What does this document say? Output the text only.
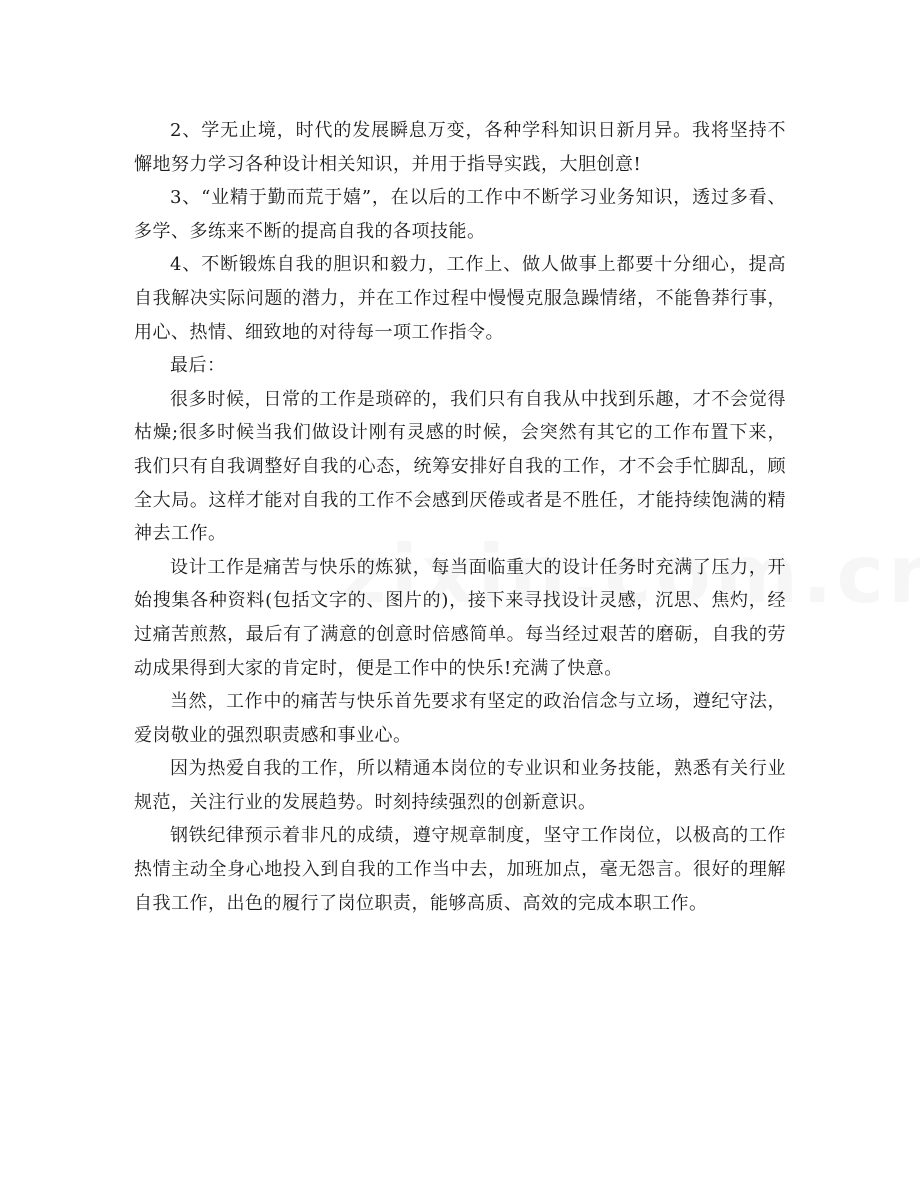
2、学无止境，时代的发展瞬息万变，各种学科知识日新月异。我将坚持不懈地努力学习各种设计相关知识，并用于指导实践，大胆创意!

3、“业精于勤而荒于嬉”，在以后的工作中不断学习业务知识，透过多看、多学、多练来不断的提高自我的各项技能。

4、不断锻炼自我的胆识和毅力，工作上、做人做事上都要十分细心，提高自我解决实际问题的潜力，并在工作过程中慢慢克服急躁情绪，不能鲁莽行事，用心、热情、细致地的对待每一项工作指令。

最后：

很多时候，日常的工作是琐碎的，我们只有自我从中找到乐趣，才不会觉得枯燥;很多时候当我们做设计刚有灵感的时候，会突然有其它的工作布置下来，我们只有自我调整好自我的心态，统筹安排好自我的工作，才不会手忙脚乱，顾全大局。这样才能对自我的工作不会感到厌倦或者是不胜任，才能持续饱满的精神去工作。

设计工作是痛苦与快乐的炼狱，每当面临重大的设计任务时充满了压力，开始搜集各种资料(包括文字的、图片的)，接下来寻找设计灵感，沉思、焦灼，经过痛苦煎熬，最后有了满意的创意时倍感简单。每当经过艰苦的磨砺，自我的劳动成果得到大家的肯定时，便是工作中的快乐!充满了快意。

当然，工作中的痛苦与快乐首先要求有坚定的政治信念与立场，遵纪守法，爱岗敬业的强烈职责感和事业心。

因为热爱自我的工作，所以精通本岗位的专业识和业务技能，熟悉有关行业规范，关注行业的发展趋势。时刻持续强烈的创新意识。

钢铁纪律预示着非凡的成绩，遵守规章制度，坚守工作岗位，以极高的工作热情主动全身心地投入到自我的工作当中去，加班加点，毫无怨言。很好的理解自我工作，出色的履行了岗位职责，能够高质、高效的完成本职工作。
